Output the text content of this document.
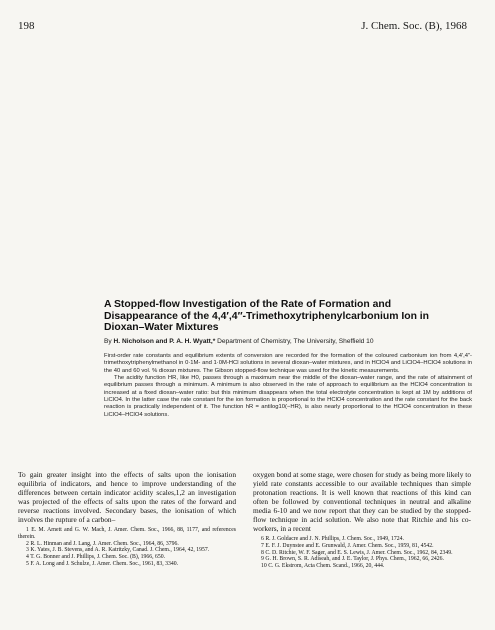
198	J. Chem. Soc. (B), 1968
A Stopped-flow Investigation of the Rate of Formation and Disappearance of the 4,4′,4″-Trimethoxytriphenylcarbonium Ion in Dioxan–Water Mixtures
By H. Nicholson and P. A. H. Wyatt,* Department of Chemistry, The University, Sheffield 10

First-order rate constants and equilibrium extents of conversion are recorded for the formation of the coloured carbonium ion from 4,4′,4″-trimethoxytriphenylmethanol in 0·1M- and 1·0M-HCl solutions in several dioxan–water mixtures, and in HClO4 and LiClO4–HClO4 solutions in the 40 and 60 vol. % dioxan mixtures. The Gibson stopped-flow technique was used for the kinetic measurements.

The acidity function HR, like H0, passes through a maximum near the middle of the dioxan–water range, and the rate of attainment of equilibrium passes through a minimum. A minimum is also observed in the rate of approach to equilibrium as the HClO4 concentration is increased at a fixed dioxan–water ratio: but this minimum disappears when the total electrolyte concentration is kept at 1M by additions of LiClO4. In the latter case the rate constant for the ion formation is proportional to the HClO4 concentration and the rate constant for the back reaction is practically independent of it. The function hR = antilog10(−HR), is also nearly proportional to the HClO4 concentration in these LiClO4–HClO4 solutions.

To gain greater insight into the effects of salts upon the ionisation equilibria of indicators, and hence to improve understanding of the differences between certain indicator acidity scales,1,2 an investigation was projected of the effects of salts upon the rates of the forward and reverse reactions involved. Secondary bases, the ionisation of which involves the rupture of a carbon–

1 E. M. Arnett and G. W. Mach, J. Amer. Chem. Soc., 1966, 88, 1177, and references therein.

2 R. L. Hinman and J. Lang, J. Amer. Chem. Soc., 1964, 86, 3796.

3 K. Yates, J. B. Stevens, and A. R. Katritzky, Canad. J. Chem., 1964, 42, 1957.

4 T. G. Bonner and J. Phillips, J. Chem. Soc. (B), 1966, 650.

5 F. A. Long and J. Schulze, J. Amer. Chem. Soc., 1961, 83, 3340.

oxygen bond at some stage, were chosen for study as being more likely to yield rate constants accessible to our available techniques than simple protonation reactions. It is well known that reactions of this kind can often be followed by conventional techniques in neutral and alkaline media 6-10 and we now report that they can be studied by the stopped-flow technique in acid solution. We also note that Ritchie and his co-workers, in a recent

6 R. J. Goldacre and J. N. Phillips, J. Chem. Soc., 1949, 1724.

7 E. F. J. Duynstee and E. Grunwald, J. Amer. Chem. Soc., 1959, 81, 4542.

8 C. D. Ritchie, W. F. Sager, and E. S. Lewis, J. Amer. Chem. Soc., 1962, 84, 2349.

9 G. H. Brown, S. R. Adiseah, and J. E. Taylor, J. Phys. Chem., 1962, 66, 2426.

10 C. G. Ekstrom, Acta Chem. Scand., 1966, 20, 444.
